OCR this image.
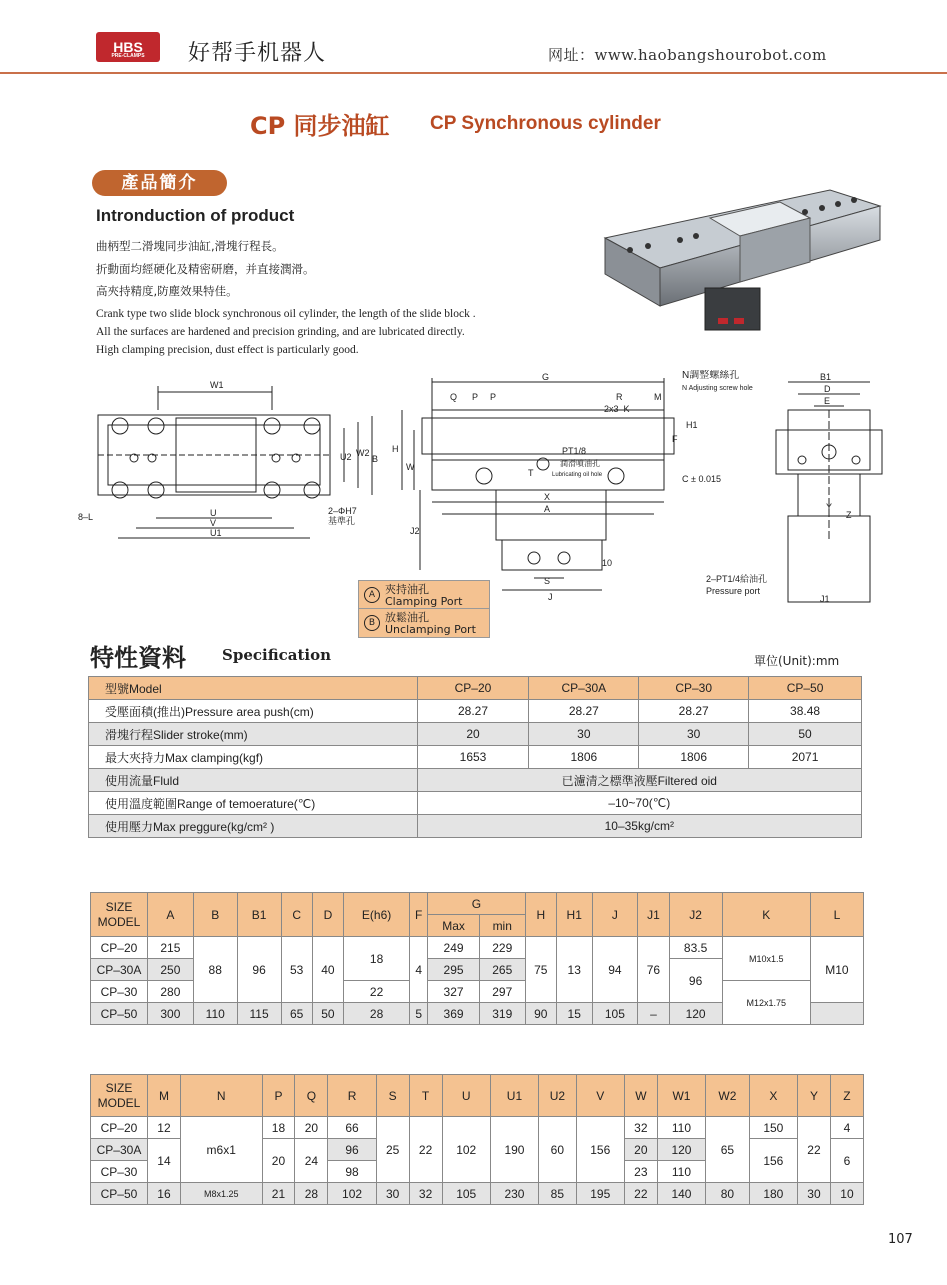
HBS
PRE-CLAMPS	好帮手机器人	网址：www.haobangshourobot.com
CP 同步油缸 CP Synchronous cylinder
產品簡介
Intronduction of product
曲柄型二滑塊同步油缸,滑塊行程長。
折動面均經硬化及精密研磨，并直接潤滑。
高夾持精度,防塵效果特佳。
Crank type two slide block synchronous oil cylinder, the length of the slide block .
All the surfaces are hardened and precision grinding, and are lubricated directly.
High clamping precision, dust effect is particularly good.
W1
U2 W2
B
U
V
U1
8–L
2–ΦH7
基準孔
G
Q P P	R	M
2x3–K
N調整螺絲孔
N Adjusting screw hole
H
H1
F
C ± 0.015
W
PT1/8
潤滑噴油孔
Lubricating oil hole
T
X
A
J2
S
J
10
B1
D
E
Y
Z
2–PT1/4給油孔
Pressure port
J1
A 夾持油孔
Clamping Port
B 放鬆油孔
Unclamping Port
特性資料 Specification	單位(Unit):mm
型號Model	CP–20	CP–30A	CP–30	CP–50
受壓面積(推出)Pressure area push(cm)	28.27	28.27	28.27	38.48
滑塊行程Slider stroke(mm)	20	30	30	50
最大夾持力Max clamping(kgf)	1653	1806	1806	2071
使用流量Fluld	已濾清之標準液壓Filtered oid			
使用溫度範圍Range of temoerature(℃)	–10~70(℃)			
使用壓力Max preggure(kg/cm² )	10–35kg/cm²			
SIZE
MODEL	A	B	B1	C	D	E(h6)	F	G		H	H1	J	J1	J2	K	L
								Max	min							
CP–20	215	88	96	53	40	18	4	249	229	75	13	94	76	83.5	M10x1.5	M10
CP–30A	250							295	265					96		
CP–30	280					22		327	297						M12x1.75	
CP–50	300	110	115	65	50	28	5	369	319	90	15	105	–	120		
SIZE
MODEL	M	N	P	Q	R	S	T	U	U1	U2	V	W	W1	W2	X	Y	Z
CP–20	12	m6x1	18	20	66	25	22	102	190	60	156	32	110	65	150	22	4
CP–30A	14		20	24	96							20	120		156		6
CP–30					98							23	110				
CP–50	16	M8x1.25	21	28	102	30	32	105	230	85	195	22	140	80	180	30	10
107
